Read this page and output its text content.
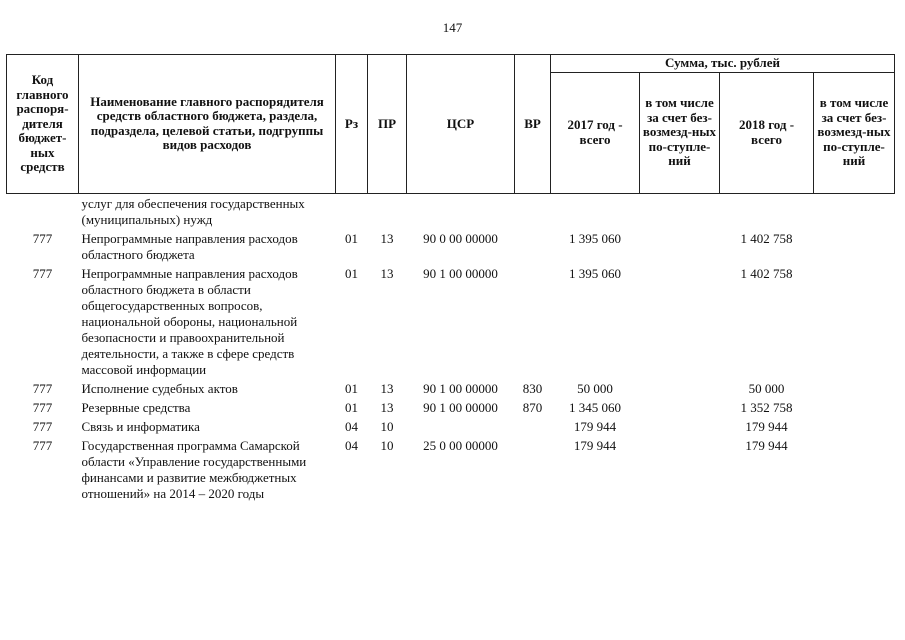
147
Код главного распоря-дителя бюджет-ных средств	Наименование главного распорядителя средств областного бюджета, раздела, подраздела, целевой статьи, подгруппы видов расходов	Рз	ПР	ЦСР	ВР	Сумма, тыс. рублей			
						2017 год - всего	в том числе за счет без-возмезд-ных по-ступле-ний	2018 год - всего	в том числе за счет без-возмезд-ных по-ступле-ний
	услуг для обеспечения государственных (муниципальных) нужд								
777	Непрограммные направления расходов областного бюджета	01	13	90 0 00 00000		1 395 060		1 402 758	
777	Непрограммные направления расходов областного бюджета в области общегосударственных вопросов, национальной обороны, национальной безопасности и правоохранительной деятельности, а также в сфере средств массовой информации	01	13	90 1 00 00000		1 395 060		1 402 758	
777	Исполнение судебных актов	01	13	90 1 00 00000	830	50 000		50 000	
777	Резервные средства	01	13	90 1 00 00000	870	1 345 060		1 352 758	
777	Связь и информатика	04	10			179 944		179 944	
777	Государственная программа Самарской области «Управление государственными финансами и развитие межбюджетных отношений» на 2014 – 2020 годы	04	10	25 0 00 00000		179 944		179 944	
